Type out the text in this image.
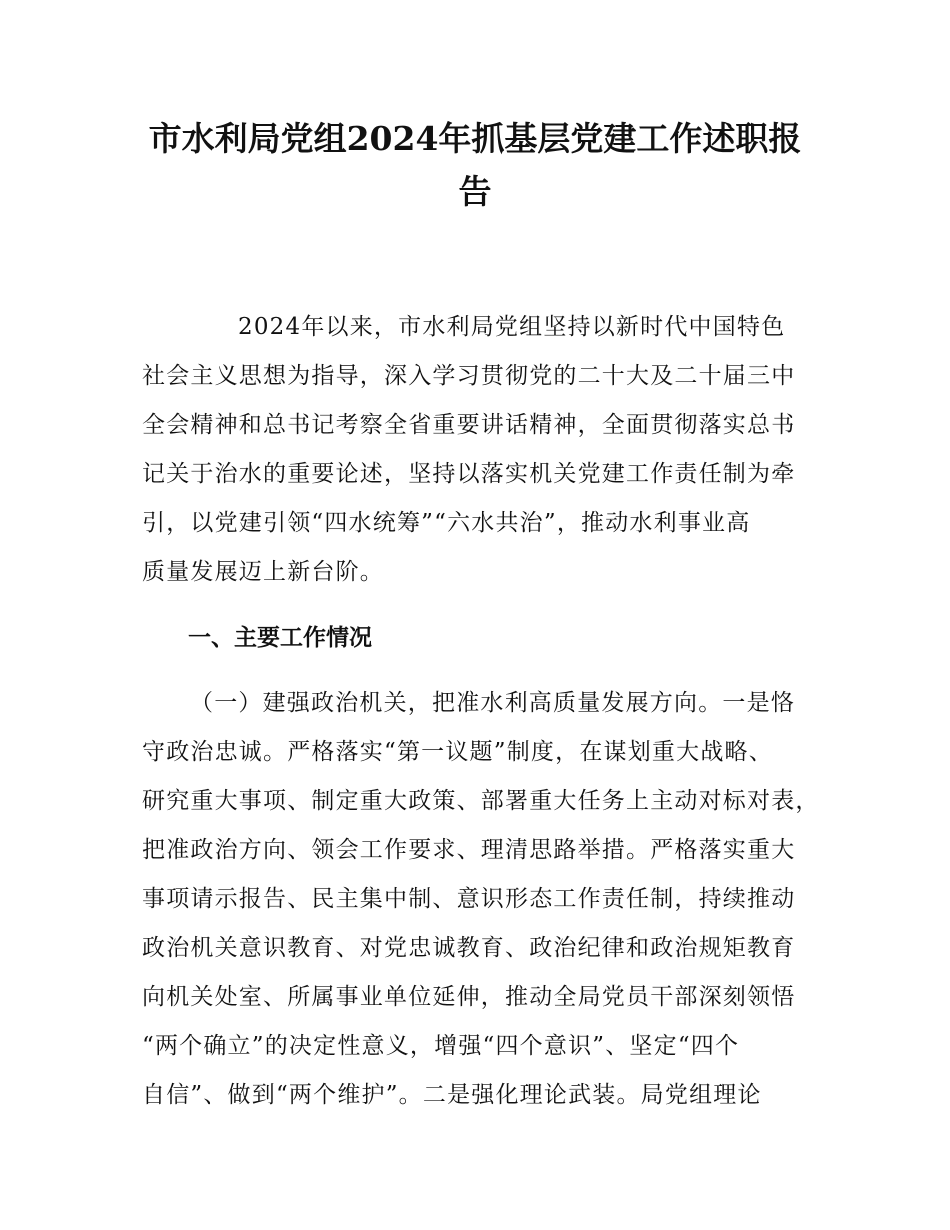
市水利局党组2024年抓基层党建工作述职报
告
2024年以来，市水利局党组坚持以新时代中国特色
社会主义思想为指导，深入学习贯彻党的二十大及二十届三中
全会精神和总书记考察全省重要讲话精神，全面贯彻落实总书
记关于治水的重要论述，坚持以落实机关党建工作责任制为牵
引，以党建引领“四水统筹”“六水共治”，推动水利事业高
质量发展迈上新台阶。
一、主要工作情况
（一）建强政治机关，把准水利高质量发展方向。一是恪
守政治忠诚。严格落实“第一议题”制度，在谋划重大战略、
研究重大事项、制定重大政策、部署重大任务上主动对标对表，
把准政治方向、领会工作要求、理清思路举措。严格落实重大
事项请示报告、民主集中制、意识形态工作责任制，持续推动
政治机关意识教育、对党忠诚教育、政治纪律和政治规矩教育
向机关处室、所属事业单位延伸，推动全局党员干部深刻领悟
“两个确立”的决定性意义，增强“四个意识”、坚定“四个
自信”、做到“两个维护”。二是强化理论武装。局党组理论
